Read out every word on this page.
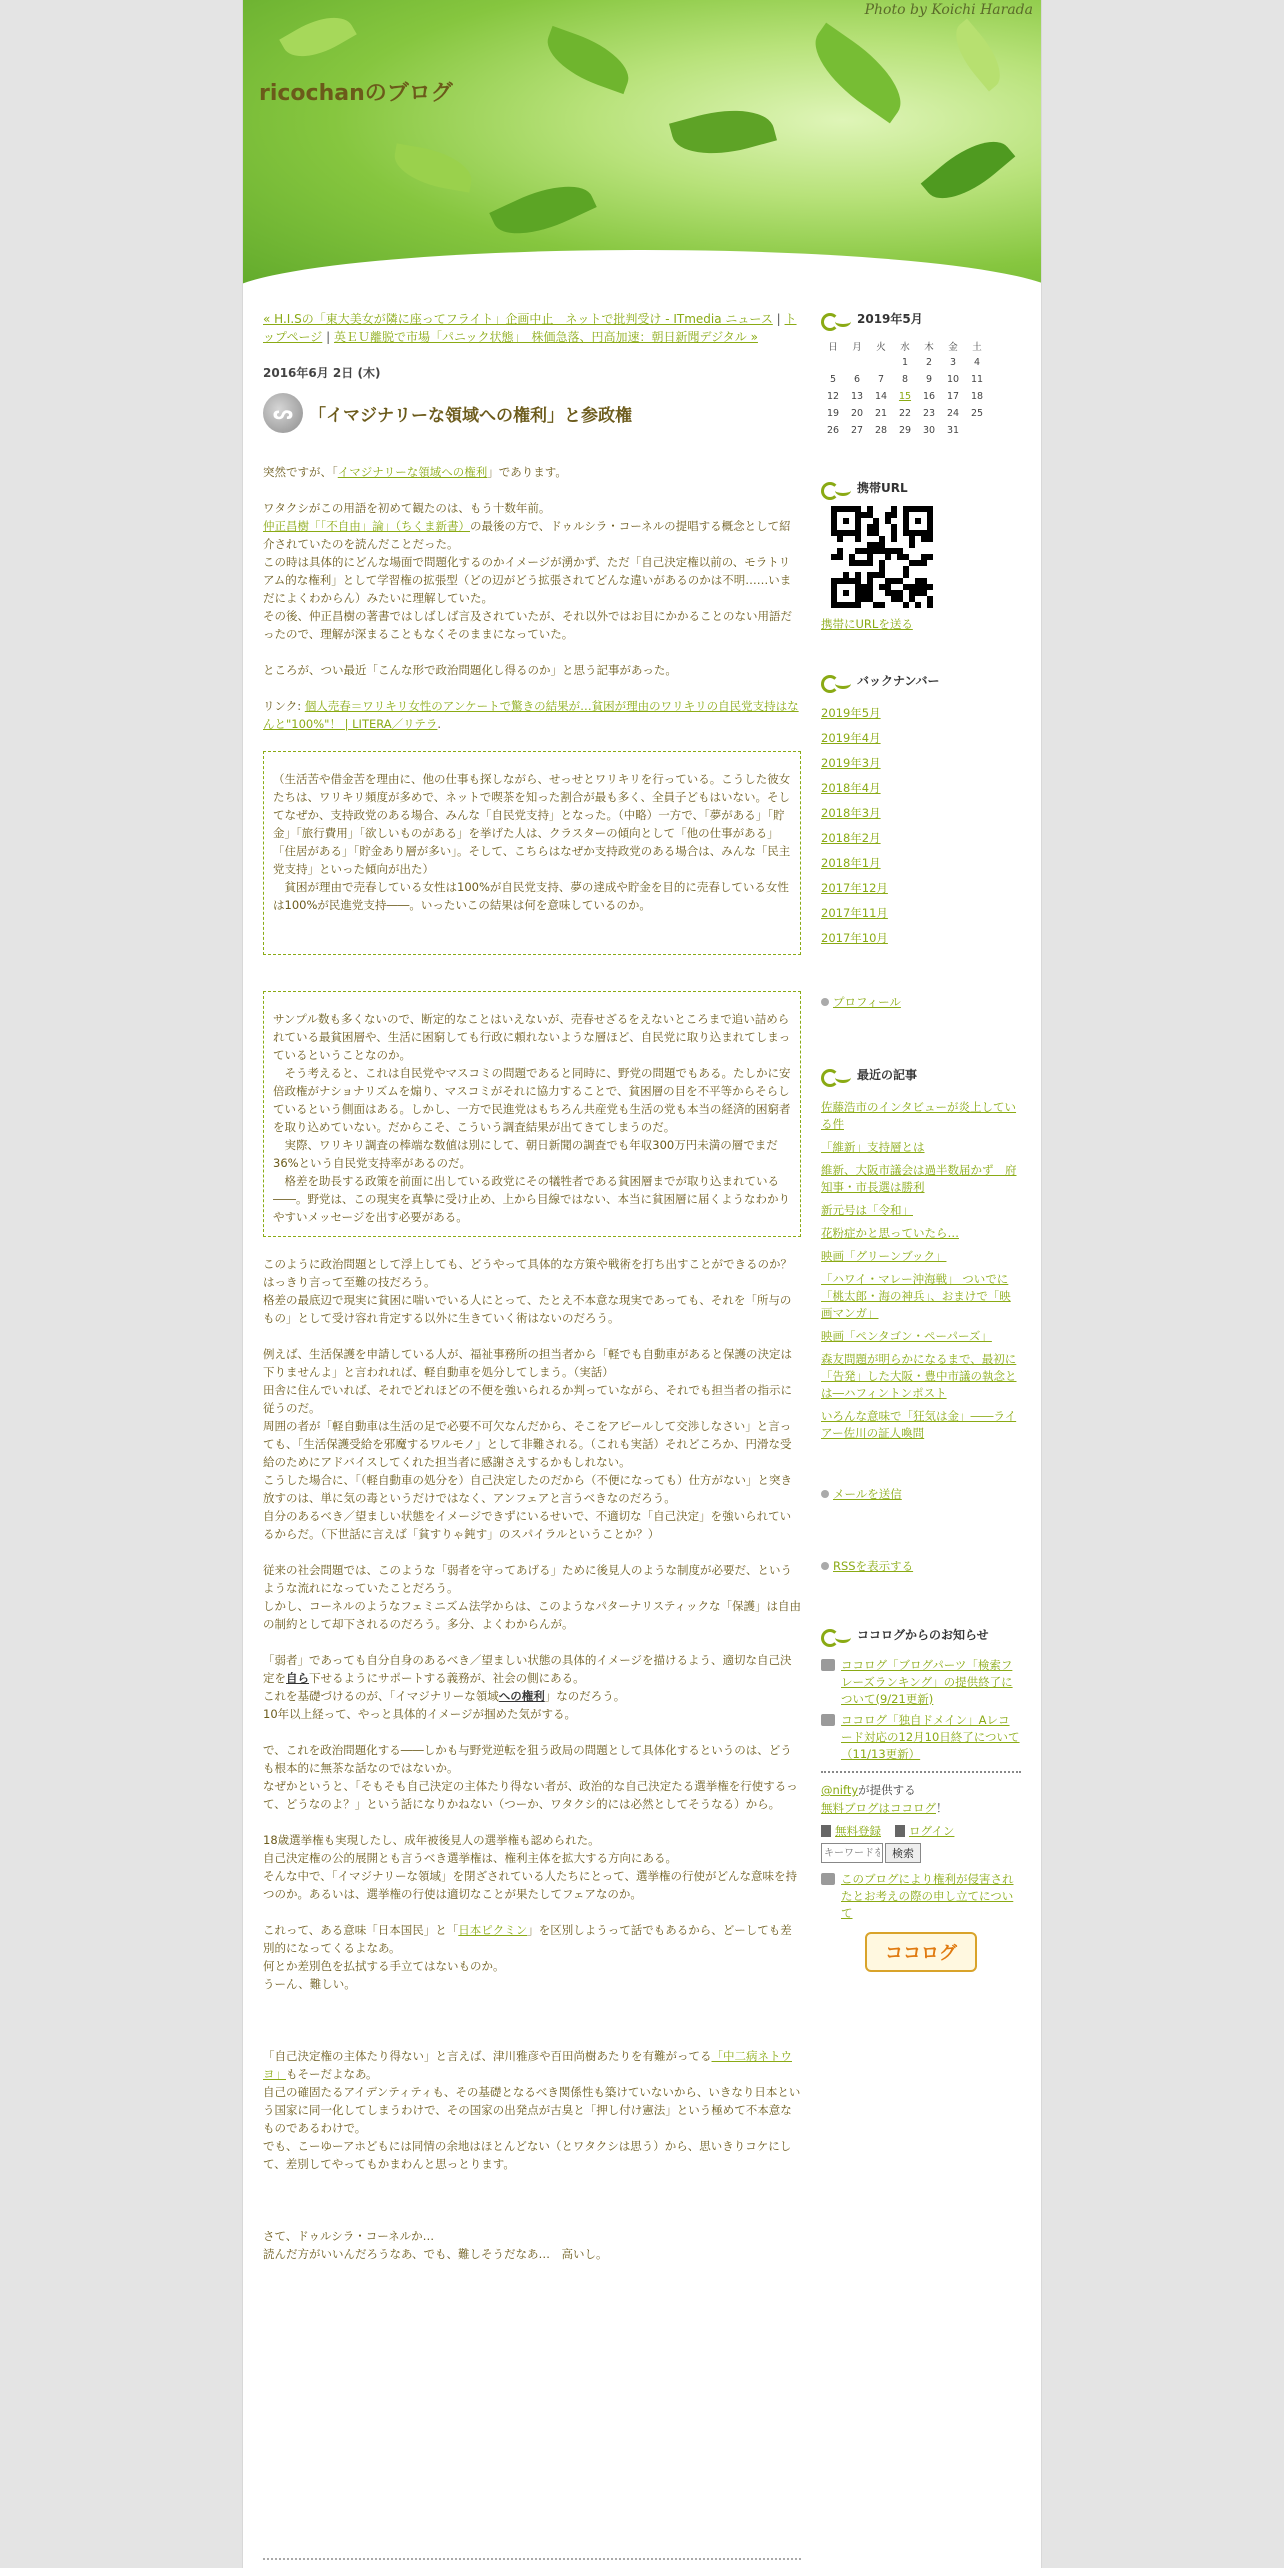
Photo by Koichi Harada
ricochanのブログ
« H.I.Sの「東大美女が隣に座ってフライト」企画中止　ネットで批判受け - ITmedia ニュース | トップページ | 英ＥＵ離脱で市場「パニック状態」　株価急落、円高加速：朝日新聞デジタル »
2016年6月 2日 (木)
ᔕ 「イマジナリーな領域への権利」と参政権
突然ですが、「イマジナリーな領域への権利」であります。
ワタクシがこの用語を初めて観たのは、もう十数年前。
仲正昌樹「「不自由」論」（ちくま新書）の最後の方で、ドゥルシラ・コーネルの提唱する概念として紹介されていたのを読んだことだった。
この時は具体的にどんな場面で問題化するのかイメージが湧かず、ただ「自己決定権以前の、モラトリアム的な権利」として学習権の拡張型（どの辺がどう拡張されてどんな違いがあるのかは不明……いまだによくわからん）みたいに理解していた。
その後、仲正昌樹の著書ではしばしば言及されていたが、それ以外ではお目にかかることのない用語だったので、理解が深まることもなくそのままになっていた。
ところが、つい最近「こんな形で政治問題化し得るのか」と思う記事があった。
リンク: 個人売春＝ワリキリ女性のアンケートで驚きの結果が…貧困が理由のワリキリの自民党支持はなんと"100%"！ | LITERA／リテラ.
（生活苦や借金苦を理由に、他の仕事も探しながら、せっせとワリキリを行っている。こうした彼女たちは、ワリキリ頻度が多めで、ネットで喫茶を知った割合が最も多く、全員子どもはいない。そしてなぜか、支持政党のある場合、みんな「自民党支持」となった。（中略）一方で、「夢がある」「貯金」「旅行費用」「欲しいものがある」を挙げた人は、クラスターの傾向として「他の仕事がある」「住居がある」「貯金あり層が多い」。そして、こちらはなぜか支持政党のある場合は、みんな「民主党支持」といった傾向が出た）
　貧困が理由で売春している女性は100%が自民党支持、夢の達成や貯金を目的に売春している女性は100%が民進党支持――。いったいこの結果は何を意味しているのか。
サンプル数も多くないので、断定的なことはいえないが、売春せざるをえないところまで追い詰められている最貧困層や、生活に困窮しても行政に頼れないような層ほど、自民党に取り込まれてしまっているということなのか。
　そう考えると、これは自民党やマスコミの問題であると同時に、野党の問題でもある。たしかに安倍政権がナショナリズムを煽り、マスコミがそれに協力することで、貧困層の目を不平等からそらしているという側面はある。しかし、一方で民進党はもちろん共産党も生活の党も本当の経済的困窮者を取り込めていない。だからこそ、こういう調査結果が出てきてしまうのだ。
　実際、ワリキリ調査の棒端な数値は別にして、朝日新聞の調査でも年収300万円未満の層でまだ36%という自民党支持率があるのだ。
　格差を助長する政策を前面に出している政党にその犠牲者である貧困層までが取り込まれている――。野党は、この現実を真摯に受け止め、上から目線ではない、本当に貧困層に届くようなわかりやすいメッセージを出す必要がある。
このように政治問題として浮上しても、どうやって具体的な方策や戦術を打ち出すことができるのか？　はっきり言って至難の技だろう。
格差の最底辺で現実に貧困に喘いでいる人にとって、たとえ不本意な現実であっても、それを「所与のもの」として受け容れ肯定する以外に生きていく術はないのだろう。
例えば、生活保護を申請している人が、福祉事務所の担当者から「軽でも自動車があると保護の決定は下りませんよ」と言われれば、軽自動車を処分してしまう。（実話）
田舎に住んでいれば、それでどれほどの不便を強いられるか判っていながら、それでも担当者の指示に従うのだ。
周囲の者が「軽自動車は生活の足で必要不可欠なんだから、そこをアピールして交渉しなさい」と言っても、「生活保護受給を邪魔するワルモノ」として非難される。（これも実話）それどころか、円滑な受給のためにアドバイスしてくれた担当者に感謝さえするかもしれない。
こうした場合に、「（軽自動車の処分を）自己決定したのだから（不便になっても）仕方がない」と突き放すのは、単に気の毒というだけではなく、アンフェアと言うべきなのだろう。
自分のあるべき／望ましい状態をイメージできずにいるせいで、不適切な「自己決定」を強いられているからだ。（下世話に言えば「貧すりゃ鈍す」のスパイラルということか？）
従来の社会問題では、このような「弱者を守ってあげる」ために後見人のような制度が必要だ、というような流れになっていたことだろう。
しかし、コーネルのようなフェミニズム法学からは、このようなパターナリスティックな「保護」は自由の制約として却下されるのだろう。多分、よくわからんが。
「弱者」であっても自分自身のあるべき／望ましい状態の具体的イメージを描けるよう、適切な自己決定を自ら下せるようにサポートする義務が、社会の側にある。
これを基礎づけるのが、「イマジナリーな領域への権利」なのだろう。
10年以上経って、やっと具体的イメージが掴めた気がする。
で、これを政治問題化する――しかも与野党逆転を狙う政局の問題として具体化するというのは、どうも根本的に無茶な話なのではないか。
なぜかというと、「そもそも自己決定の主体たり得ない者が、政治的な自己決定たる選挙権を行使するって、どうなのよ？」という話になりかねない（つーか、ワタクシ的には必然としてそうなる）から。
18歳選挙権も実現したし、成年被後見人の選挙権も認められた。
自己決定権の公的展開とも言うべき選挙権は、権利主体を拡大する方向にある。
そんな中で、「イマジナリーな領域」を閉ざされている人たちにとって、選挙権の行使がどんな意味を持つのか。あるいは、選挙権の行使は適切なことが果たしてフェアなのか。
これって、ある意味「日本国民」と「日本ピクミン」を区別しようって話でもあるから、どーしても差別的になってくるよなあ。
何とか差別色を払拭する手立てはないものか。
うーん、難しい。
「自己決定権の主体たり得ない」と言えば、津川雅彦や百田尚樹あたりを有難がってる「中二病ネトウヨ」もそーだよなあ。
自己の確固たるアイデンティティも、その基礎となるべき関係性も築けていないから、いきなり日本という国家に同一化してしまうわけで、その国家の出発点が古臭と「押し付け憲法」という極めて不本意なものであるわけで。
でも、こーゆーアホどもには同情の余地はほとんどない（とワタクシは思う）から、思いきりコケにして、差別してやってもかまわんと思っとります。
さて、ドゥルシラ・コーネルか…
読んだ方がいいんだろうなあ、でも、難しそうだなあ…　高いし。
2019年5月
日	月	火	水	木	金	土
			1	2	3	4
5	6	7	8	9	10	11
12	13	14	15	16	17	18
19	20	21	22	23	24	25
26	27	28	29	30	31	
携帯URL
携帯にURLを送る
バックナンバー
2019年5月
2019年4月
2019年3月
2018年4月
2018年3月
2018年2月
2018年1月
2017年12月
2017年11月
2017年10月
プロフィール
最近の記事
佐藤浩市のインタビューが炎上している件
「維新」支持層とは
維新、大阪市議会は過半数届かず　府知事・市長選は勝利
新元号は「令和」
花粉症かと思っていたら…
映画「グリーンブック」
「ハワイ・マレー沖海戦」 ついでに「桃太郎・海の神兵」、おまけで「映画マンガ」
映画「ペンタゴン・ペーパーズ」
森友問題が明らかになるまで、最初に「告発」した大阪・豊中市議の執念とは―ハフィントンポスト
いろんな意味で「狂気は金」――ライアー佐川の証人喚問
メールを送信
RSSを表示する
ココログからのお知らせ
ココログ「ブログパーツ「検索フレーズランキング」の提供終了について(9/21更新)
ココログ「独自ドメイン」Aレコード対応の12月10日終了について（11/13更新）
@niftyが提供する
無料ブログはココログ！
無料登録 ログイン
キーワードを入力
検索
このブログにより権利が侵害されたとお考えの際の申し立てについて
ココログ
